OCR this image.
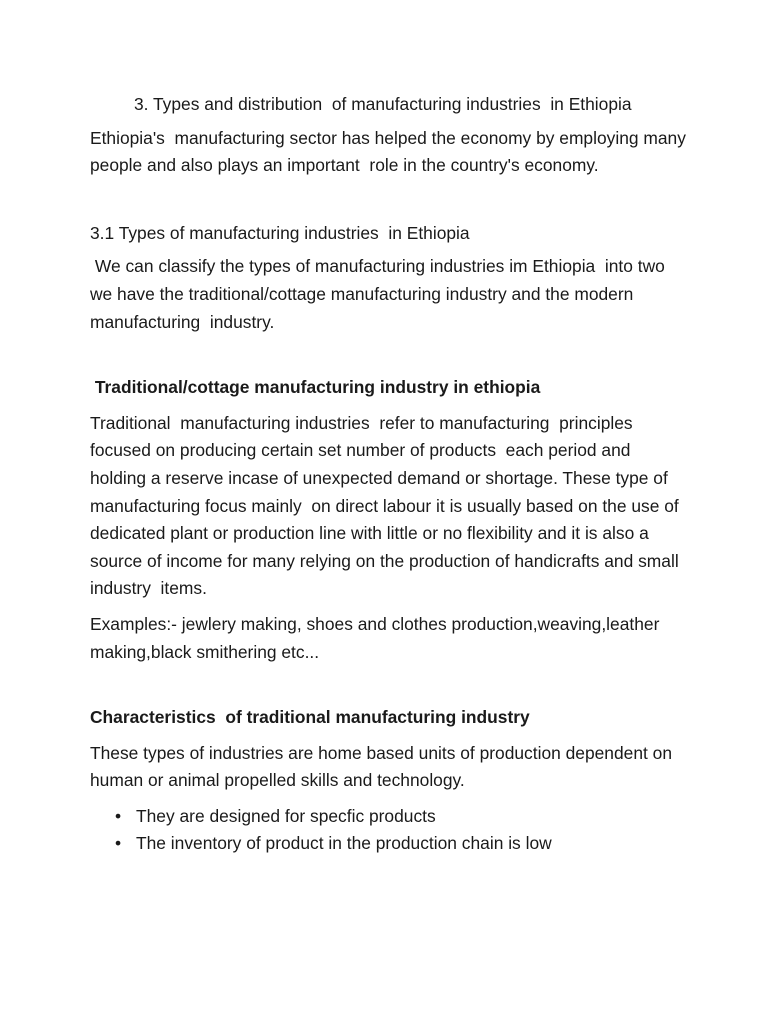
3. Types and distribution  of manufacturing industries  in Ethiopia

Ethiopia's  manufacturing sector has helped the economy by employing many people and also plays an important  role in the country's economy.

3.1 Types of manufacturing industries  in Ethiopia

We can classify the types of manufacturing industries im Ethiopia  into two we have the traditional/cottage manufacturing industry and the modern manufacturing  industry.

Traditional/cottage manufacturing industry in ethiopia

Traditional  manufacturing industries  refer to manufacturing  principles focused on producing certain set number of products  each period and holding a reserve incase of unexpected demand or shortage. These type of manufacturing focus mainly  on direct labour it is usually based on the use of dedicated plant or production line with little or no flexibility and it is also a source of income for many relying on the production of handicrafts and small industry  items.

Examples:- jewlery making, shoes and clothes production,weaving,leather making,black smithering etc...

Characteristics  of traditional manufacturing industry

These types of industries are home based units of production dependent on human or animal propelled skills and technology.

• They are designed for specfic products
• The inventory of product in the production chain is low
